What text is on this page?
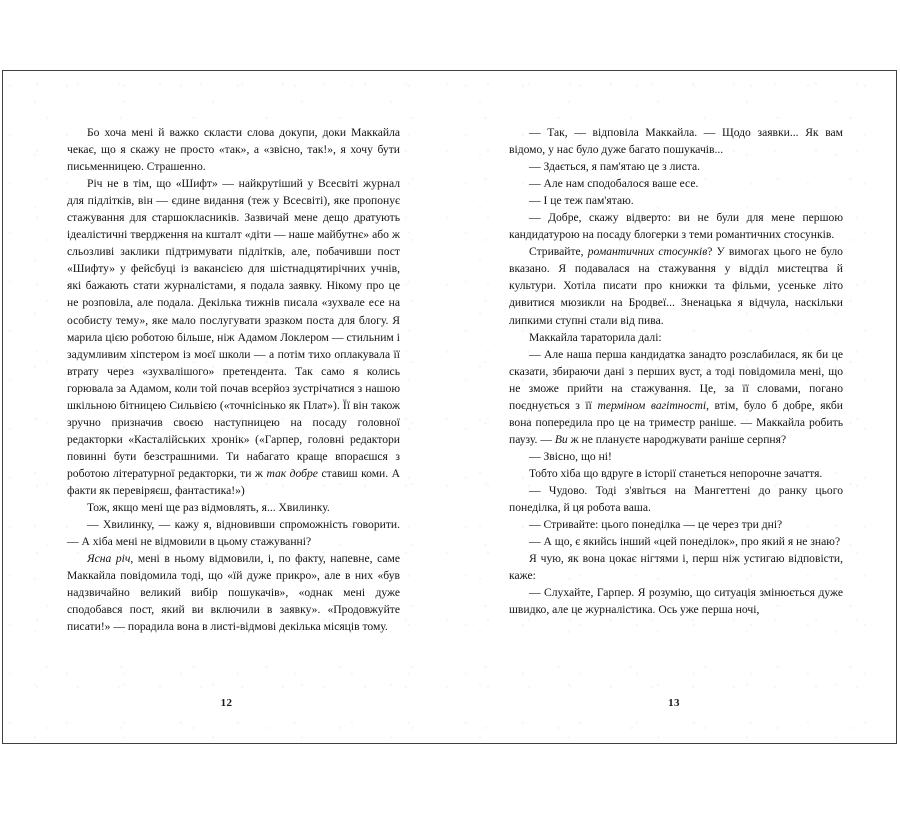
Бо хоча мені й важко скласти слова докупи, доки Маккайла чекає, що я скажу не просто «так», а «звісно, так!», я хочу бути письменницею. Страшенно.

Річ не в тім, що «Шифт» — найкрутіший у Всесвіті журнал для підлітків, він — єдине видання (теж у Всесвіті), яке пропонує стажування для старшокласників. Зазвичай мене дещо дратують ідеалістичні твердження на кшталт «діти — наше майбутнє» або ж сльозливі заклики підтримувати підлітків, але, побачивши пост «Шифту» у фейсбуці із вакансією для шістнадцятирічних учнів, які бажають стати журналістами, я подала заявку. Нікому про це не розповіла, але подала. Декілька тижнів писала «зухвале есе на особисту тему», яке мало послугувати зразком поста для блогу. Я марила цією роботою більше, ніж Адамом Локлером — стильним і задумливим хіпстером із моєї школи — а потім тихо оплакувала її втрату через «зухвалішого» претендента. Так само я колись горювала за Адамом, коли той почав всерйоз зустрічатися з нашою шкільною бітницею Сильвією («точнісінько як Плат»). Її він також зручно призначив своєю наступницею на посаду головної редакторки «Касталійських хронік» («Гарпер, головні редактори повинні бути безстрашними. Ти набагато краще впораєшся з роботою літературної редакторки, ти ж так добре ставиш коми. А факти як перевіряєш, фантастика!»)

Тож, якщо мені ще раз відмовлять, я... Хвилинку.

— Хвилинку, — кажу я, відновивши спроможність говорити. — А хіба мені не відмовили в цьому стажуванні?

Ясна річ, мені в ньому відмовили, і, по факту, напевне, саме Маккайла повідомила тоді, що «їй дуже прикро», але в них «був надзвичайно великий вибір пошукачів», «однак мені дуже сподобався пост, який ви включили в заявку». «Продовжуйте писати!» — порадила вона в листі-відмові декілька місяців тому.

12

— Так, — відповіла Маккайла. — Щодо заявки... Як вам відомо, у нас було дуже багато пошукачів...

— Здається, я пам'ятаю це з листа.

— Але нам сподобалося ваше есе.

— І це теж пам'ятаю.

— Добре, скажу відверто: ви не були для мене першою кандидатурою на посаду блогерки з теми романтичних стосунків.

Стривайте, романтичних стосунків? У вимогах цього не було вказано. Я подавалася на стажування у відділ мистецтва й культури. Хотіла писати про книжки та фільми, усеньке літо дивитися мюзикли на Бродвеї... Зненацька я відчула, наскільки липкими ступні стали від пива.

Маккайла тараторила далі:

— Але наша перша кандидатка занадто розслабилася, як би це сказати, збираючи дані з перших вуст, а тоді повідомила мені, що не зможе прийти на стажування. Це, за її словами, погано поєднується з її терміном вагітності, втім, було б добре, якби вона попередила про це на триместр раніше. — Маккайла робить паузу. — Ви ж не плануєте народжувати раніше серпня?

— Звісно, що ні!

Тобто хіба що вдруге в історії станеться непорочне зачаття.

— Чудово. Тоді з'явіться на Мангеттені до ранку цього понеділка, й ця робота ваша.

— Стривайте: цього понеділка — це через три дні?

— А що, є якийсь інший «цей понеділок», про який я не знаю?

Я чую, як вона цокає нігтями і, перш ніж устигаю відповісти, каже:

— Слухайте, Гарпер. Я розумію, що ситуація змінюється дуже швидко, але це журналістика. Ось уже перша ночі,

13
